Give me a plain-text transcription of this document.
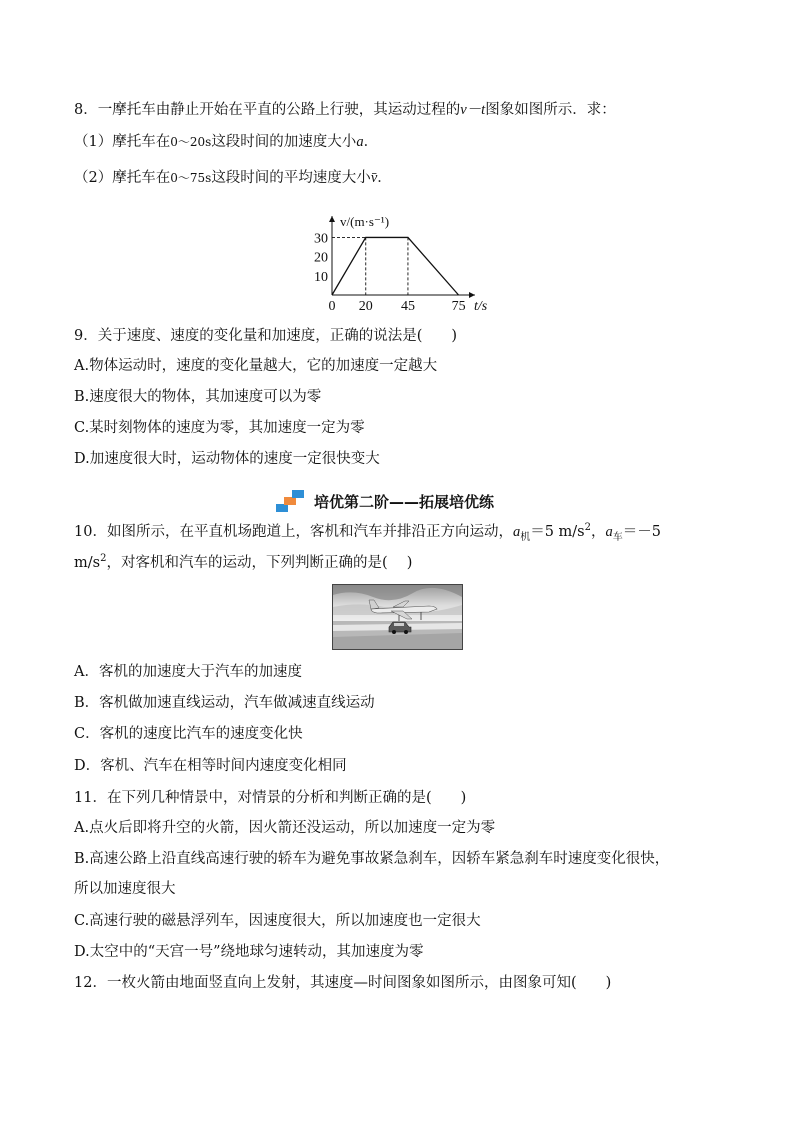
8．一摩托车由静止开始在平直的公路上行驶，其运动过程的v－t图象如图所示．求：
（1）摩托车在0～20s这段时间的加速度大小a．
（2）摩托车在0～75s这段时间的平均速度大小v̄．
0 20 45	75
10
20
30
v/(m·s⁻¹)
t/s
9．关于速度、速度的变化量和加速度，正确的说法是(　　)
A.物体运动时，速度的变化量越大，它的加速度一定越大
B.速度很大的物体，其加速度可以为零
C.某时刻物体的速度为零，其加速度一定为零
D.加速度很大时，运动物体的速度一定很快变大
培优第二阶——拓展培优练
10．如图所示，在平直机场跑道上，客机和汽车并排沿正方向运动，$a_机=5$ $m/s^2$，$a_车=-5$
$m/s^2$，对客机和汽车的运动，下列判断正确的是(　 )
A．客机的加速度大于汽车的加速度
B．客机做加速直线运动，汽车做减速直线运动
C．客机的速度比汽车的速度变化快
D．客机、汽车在相等时间内速度变化相同
11．在下列几种情景中，对情景的分析和判断正确的是(　　)
A.点火后即将升空的火箭，因火箭还没运动，所以加速度一定为零
B.高速公路上沿直线高速行驶的轿车为避免事故紧急刹车，因轿车紧急刹车时速度变化很快，
所以加速度很大
C.高速行驶的磁悬浮列车，因速度很大，所以加速度也一定很大
D.太空中的“天宫一号”绕地球匀速转动，其加速度为零
12．一枚火箭由地面竖直向上发射，其速度—时间图象如图所示，由图象可知(　　)
